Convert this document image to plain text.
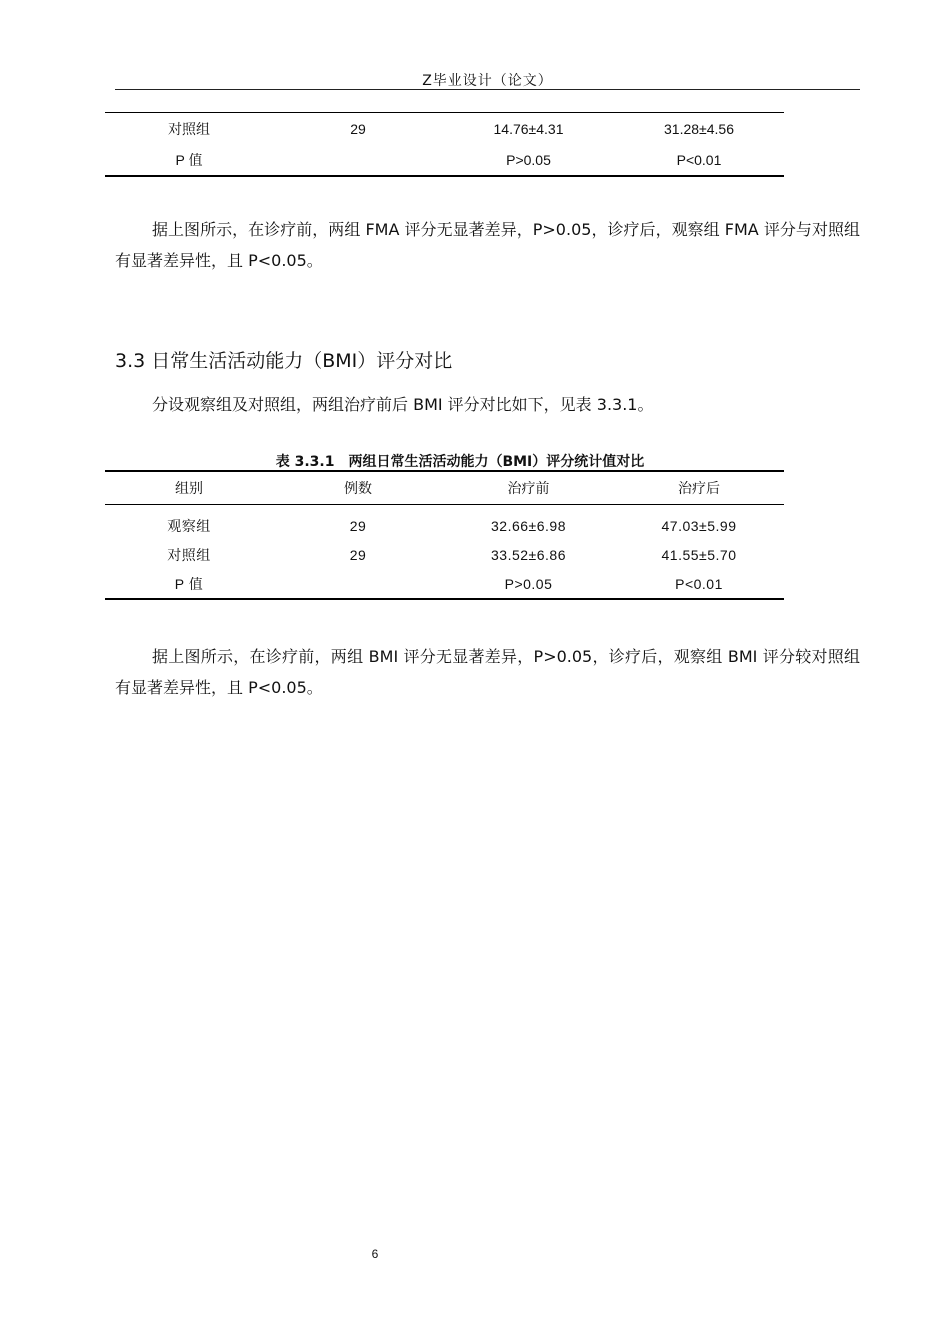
Z毕业设计（论文）
对照组	29	14.76±4.31	31.28±4.56
P 值		P>0.05	P<0.01

据上图所示，在诊疗前，两组 FMA 评分无显著差异，P>0.05，诊疗后，观察组 FMA 评分与对照组有显著差异性，且 P<0.05。

3.3 日常生活活动能力（BMI）评分对比

分设观察组及对照组，两组治疗前后 BMI 评分对比如下，见表 3.3.1。

表 3.3.1　两组日常生活活动能力（BMI）评分统计值对比
组别	例数	治疗前	治疗后
观察组	29	32.66±6.98	47.03±5.99
对照组	29	33.52±6.86	41.55±5.70
P 值		P>0.05	P<0.01

据上图所示，在诊疗前，两组 BMI 评分无显著差异，P>0.05，诊疗后，观察组 BMI 评分较对照组有显著差异性，且 P<0.05。

6
